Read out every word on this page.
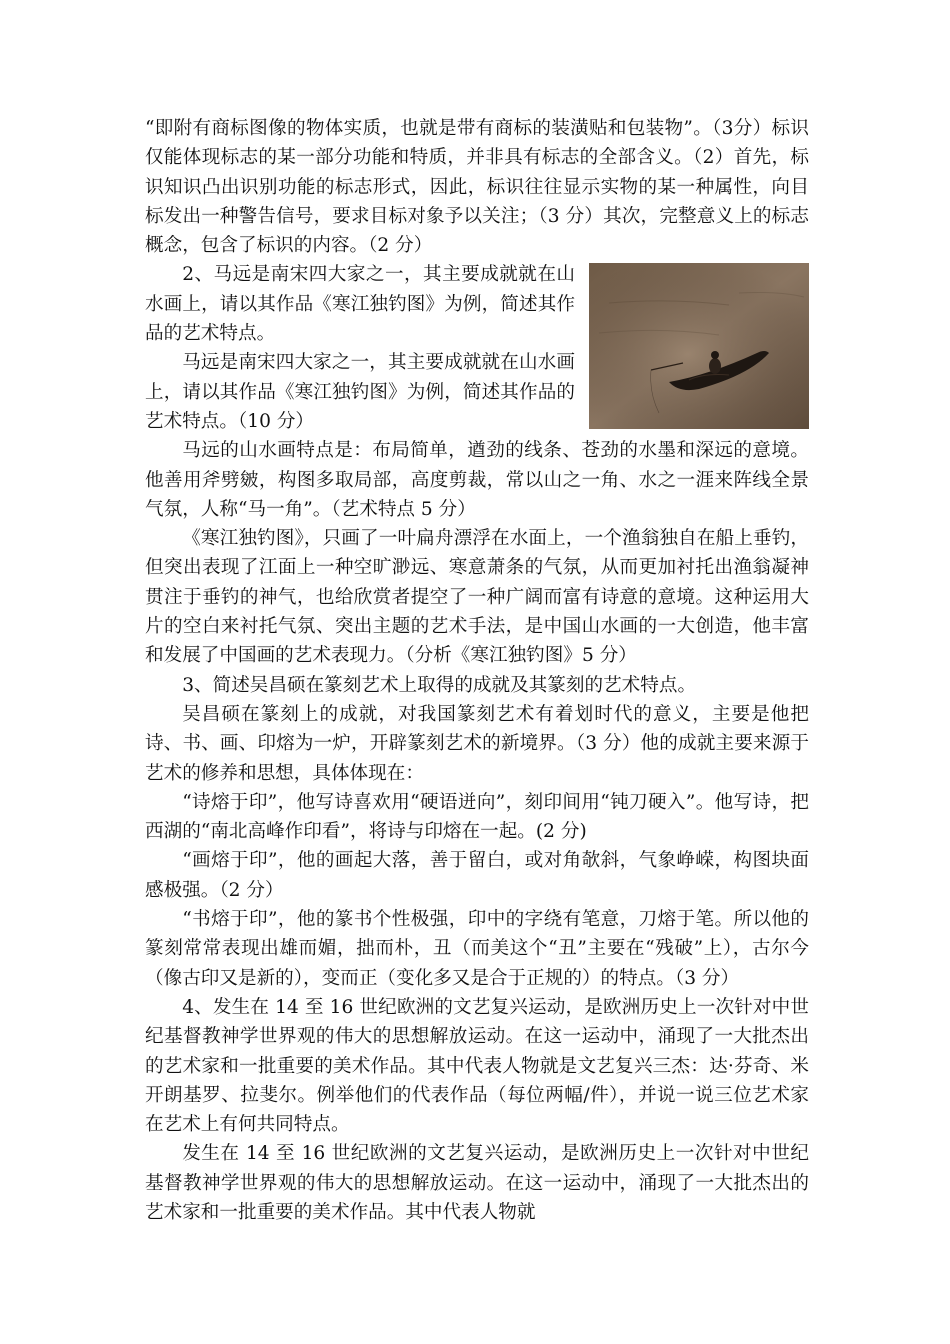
“即附有商标图像的物体实质，也就是带有商标的装潢贴和包装物”。（3分）标识仅能体现标志的某一部分功能和特质，并非具有标志的全部含义。（2）首先，标识知识凸出识别功能的标志形式，因此，标识往往显示实物的某一种属性，向目标发出一种警告信号，要求目标对象予以关注；（3 分）其次，完整意义上的标志概念，包含了标识的内容。（2 分）

2、马远是南宋四大家之一，其主要成就就在山水画上，请以其作品《寒江独钓图》为例，简述其作品的艺术特点。

马远是南宋四大家之一，其主要成就就在山水画上，请以其作品《寒江独钓图》为例，简述其作品的艺术特点。（10 分）

马远的山水画特点是：布局简单，遒劲的线条、苍劲的水墨和深远的意境。他善用斧劈皴，构图多取局部，高度剪裁，常以山之一角、水之一涯来阵线全景气氛，人称“马一角”。（艺术特点 5 分）

《寒江独钓图》，只画了一叶扁舟漂浮在水面上，一个渔翁独自在船上垂钓，但突出表现了江面上一种空旷渺远、寒意萧条的气氛，从而更加衬托出渔翁凝神贯注于垂钓的神气，也给欣赏者提空了一种广阔而富有诗意的意境。这种运用大片的空白来衬托气氛、突出主题的艺术手法，是中国山水画的一大创造，他丰富和发展了中国画的艺术表现力。（分析《寒江独钓图》5 分）

3、简述吴昌硕在篆刻艺术上取得的成就及其篆刻的艺术特点。

吴昌硕在篆刻上的成就，对我国篆刻艺术有着划时代的意义，主要是他把诗、书、画、印熔为一炉，开辟篆刻艺术的新境界。（3 分）他的成就主要来源于艺术的修养和思想，具体体现在：

“诗熔于印”，他写诗喜欢用“硬语迸向”，刻印间用“钝刀硬入”。他写诗，把西湖的“南北高峰作印看”，将诗与印熔在一起。(2 分)

“画熔于印”，他的画起大落，善于留白，或对角欹斜，气象峥嵘，构图块面感极强。（2 分）

“书熔于印”，他的篆书个性极强，印中的字绕有笔意，刀熔于笔。所以他的篆刻常常表现出雄而媚，拙而朴，丑（而美这个“丑”主要在“残破”上），古尔今（像古印又是新的），变而正（变化多又是合于正规的）的特点。（3 分）

4、发生在 14 至 16 世纪欧洲的文艺复兴运动，是欧洲历史上一次针对中世纪基督教神学世界观的伟大的思想解放运动。在这一运动中，涌现了一大批杰出的艺术家和一批重要的美术作品。其中代表人物就是文艺复兴三杰：达·芬奇、米开朗基罗、拉斐尔。例举他们的代表作品（每位两幅/件），并说一说三位艺术家在艺术上有何共同特点。

发生在 14 至 16 世纪欧洲的文艺复兴运动，是欧洲历史上一次针对中世纪基督教神学世界观的伟大的思想解放运动。在这一运动中，涌现了一大批杰出的艺术家和一批重要的美术作品。其中代表人物就
